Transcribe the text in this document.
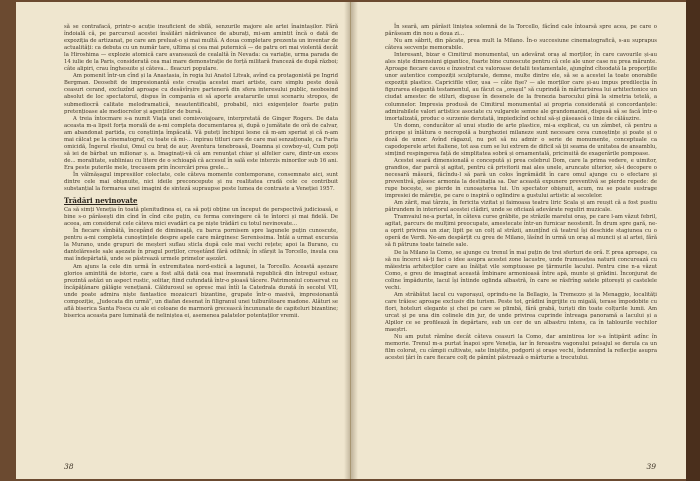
să se contrafacă, printr-o acuție insuficient de sbilă, senzurile majore ale artei înaintașilor. Fără îndoială că, pe parcursul acestei însăilări nădrăvance de aburați, mi-am amintit încă o dată de expoziția de artizanat, pe care am preluat-o și mai multă. A doua completare prezenta un inventar de actualități: ca debuta cu un număr tare, ultima și cea mai puternică — de patru ori mai violentă decât la Hiroshima — explozie atomică care avansează de cealaltă în Nevada: ca variație, urma parada de 14 iulie de la Paris, considerată cea mai mare demonstrație de forță militară franceză de după război; câte alipiri, crau înghesuite și câteva... fleacuri populare.

Am pomenit într-un cînd și la Anastasia, în regia lui Anatol Litvak, avînd ca protagonistă pe Ingrid Bergman. Deosebit de impresionantă este creația acestei mari artiste, care simplu peste două ceasuri cerand, excluzînd aproape cu desăvîrșire parteneră din sfera interesului public, neobosind absolut de loc spectatorul, dispus în compania ei să aporte avatarurile unui scenariu stropos, de submediocră calitate melodramatică, neautentificabil, probabil, nici exigențelor foarte puțin pretențioase ale mediocrelor și agențiilor de bursă.

A treia întocmare s-a numit Viața unei comisvoiajoare, interpretată de Ginger Rogers. De data aceasta m-a lipsit forța morală de a-mi completa documentarea și, după o jumătate de oră de calvar, am abandonat partida, cu conștiința împăcată. Vă puteți închipui lesne că m-am speriat și că n-am mai călcat pe la cinematograf, cu toate că mi-... inpirau titluri care de care mai senzaționale, ca Furia omicidă, Îngerul rîsului, Omul cu braț de aur, Aventura tenebroasă, Doamna și cowboy-ul, Cum poți să iei de bărbat un milionar ș. a. Imaginați-vă că am renunțat chiar și alfelier care, dintr-un exces de... moralitate, subliniau cu litere de o schioapă că accesul în sală este interzis minorilor sub 16 ani. Era peste puterile mele, trecusem prin încercări prea grele...

În vălmășagul impresiilor colectate, cele câteva momente contemporane, consemnate aici, sunt dintre cele mai obișnuite, nici ideile preconcepute și nu realitatea crudă cele ce contribuit substanțial la formarea unei imagini de sinteză supraupse peste lumea de contraste a Veneției 1957.

Trădări nevinovate

Ca să simți Veneția în toată plenitudinea ei, ca să poți obține un început de perspectivă judicioasă, e bine s-o părăsești din cînd în cînd cite puțin, cu ferma convingere că te întorci și mai fidelă. De aceea, am considerat cele câteva mici evadări ca pe niște trădări cu totul nevinovate...

În fiecare sîmbătă, începând de dimineață, cu barca pornisem spre lagunele puțin cunoscute, pentru a-mi completa cunoștințele despre apele care mărginesc Serenissima. Întâi a urmat excursia la Murano, unde grupuri de meșteri suflau sticla după cele mai vechi rețete; apoi la Burano, cu dantelăresele sale așezate în pragul porților, croșetând fără odihnă; în sfârșit la Torcello, insula cea mai îndepărtată, unde se păstrează urmele primelor așezări.

Am ajuns la cele din urmă în extremitatea nord-estică a lagunei, la Torcello. Această așezare glorios amintită de istorie, care a fost altă dată cea mai însemnată republică din întregul estuar, prezintă astăzi un aspect rustic, solitar, fiind cufundată într-o pioasă tăcere. Patrimoniul conservat cu încăpățânare gălăgie venețiană. Căldurosul se opresc mai întîi la Catedrala durată în secolul VII, unde poate admira niște fantastice mozaicuri bizantine, grupate într-o masivă, impresionantă compoziție, „Judecata din urmă”, un diafan desenat în filigranul unei tulburătoare madone. Alături se află biserica Santa Fosca cu ale ei coloane de marmoră grecească încununate de capiteluri bizantine; biserica aceasta pare luminată de neliniștea ei, asemenea palatelor potentaților vremii.

38

În seară, am părăsit liniștea solemnă de la Torcello, făcînd cale întoarsă spre acea, pe care o părăseam din nou a doua zi...

Nu am sâbrit, din păcate, prea mult la Milano. În-o succesiune cinematografică, s-au suprapus câteva secvențe memorabile.

Interesant, bizar e Cimitirul monumental, un adevărat oraș al morților, în care cavourile și-au ales niște dimensiuni gigantice, foarte bine cunoscute pentru că cele ale unor case nu prea mărunte. Aproape fiecare cavou e înzestrat cu valoroase detalii testamentale, ajungînd cîteodată la proporțiile unor autentice compoziții sculpturale, demne, multe dintre ele, să se a acestei la toate onorabile expoziții plastice. Capricifile vilor, usa — câte fișe? — ale morților care și-au impus predilecția în figurarea elegantă testamentul, au făcut ca „orașul” să cuprindă în mărturisirea lui arhitectonice un ciudat amestec de stiluri, dispuse în desenele de la frenezia barocului pînă la simetria tetelă, a columnelor. Impresia produsă de Cimitirul monumental ai propria considerată și concordanțele: admirabilele valori artistice asociate cu vulgarele semne ale grandomaniei, dispusă să se facă într-o imortalizată, produc o surzenie derutată, impiedicînd ochiul să-și găsească o linie de călăuzire.

Un domn, conducător al unui studio de arte plastice, mi-a explicat, cu un zâmbet, că pentru a pricepe și înlătura o necropolă a burgheziei milaneze sunt necesare ceva cunoștințe și poate și o doză de umor. Avînd răgazul, nu pot să nu admir o serie de monumente, conceptuale ca capodoperele artei italiene, tot asa cum se lui extrem de dificil să ții seama de unitatea de ansamblu, simțind respingerea față de simplitatea sobră și ornamentală, pricinuită de exagerările pompoase.

Acestei seară dimensională e concepută și prea celebrul Dom, care la prima vedere, e uimitor, grandios, dar parcă și agitat, pentru că privitorii mai ales unele, aruncate ulterior, să-i decopere o necesară măsură, făcîndu-l să pară un colos îngrămădit în care omul ajunge cu o efectare și preventivă, găsesc armonia la destinația sa. Dar această expunere preventivă se pierde repede: de rupe bocește, se pierde in cunoașterea lui. Un spectator obișnuit, acum, nu se poate sustrage impresiei de măreție, pe care o inspiră o oglindire a gustului artistic al secolelor.

Am zărit, mai târziu, în fericita vizitat și faimoasa teatru liric Scala și am reușit că a fost pustiu pătrundem în interiorul acestei clădiri, unde se oficiază adevărate reguliri muzicale.

Tramvaiul ne-a purtat, în câteva curse grăbite, pe străzile marelui oraș, pe care l-am văzut febril, agitat, parcurs de mulțimi preocupate, amestecate într-un furnicar neostenit. În drum spre gară, ne-a oprit privirea un ziar, lipit pe un colț al străzii, anunțînd că teatrul își deschide stagiunea cu o operă de Verdi. Ne-am despărțit cu greu de Milano, lăsînd în urmă un oraș al muncii și al artei, fără să fi pătruns toate tainele sale.

De la Milano la Como, se ajunge cu trenul în mai puțin de trei sferturi de oră. E prea aproape, ca să nu încerci să-ți faci o idee asupra acestei zone lacustre, unde frumusețea naturii concurează cu măiestria arhitecților care au înălțat vile somptuoase pe țărmurile lacului. Pentru cine n-a văzut Como, e greu de imaginat această îmbinare armonioasă între apă, munte și grădini. Înconjurat de coline împădurite, lacul își întinde oglinda albastră, în care se răsfrîng satele pitorești și castelele vechi.

Am străbătut lacul cu vaporașul, oprindu-ne la Bellagio, la Tremezzo și la Menaggio, localități care trăiesc aproape exclusiv din turism. Peste tot, grădini îngrijite cu migală, terase împodobite cu flori, hoteluri elegante și chei pe care se plimbă, fără grabă, turiști din toate colțurile lumii. Am urcat și pe una din colinele din jur, de unde privirea cuprinde întreaga panoramă a lacului și a Alpilor ce se profilează în depărtare, sub un cer de un albastru intens, ca în tablourile vechilor maeștri.

Nu am putut rămîne decât câteva ceasuri la Como, dar amintirea lor s-a întipărit adînc în memorie. Trenul m-a purtat înapoi spre Veneția, iar în fereastra vagonului peisajul se derula ca un film colorat, cu câmpii cultivate, sate liniștite, podgorii și orașe vechi, îndemnînd la reflecție asupra acestei țări în care fiecare colț de pămînt păstrează o mărturie a trecutului.

39
